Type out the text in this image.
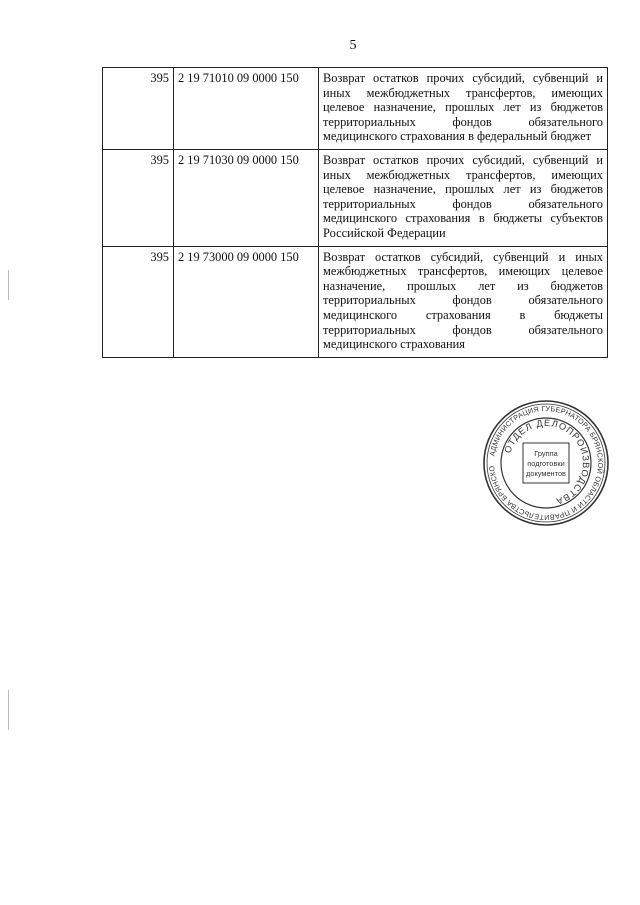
5
395	2 19 71010 09 0000 150	Возврат остатков прочих субсидий, субвенций и иных межбюджетных трансфертов, имеющих целевое назначение, прошлых лет из бюджетов территориальных фондов обязательного медицинского страхования в федеральный бюджет
395	2 19 71030 09 0000 150	Возврат остатков прочих субсидий, субвенций и иных межбюджетных трансфертов, имеющих целевое назначение, прошлых лет из бюджетов территориальных фондов обязательного медицинского страхования в бюджеты субъектов Российской Федерации
395	2 19 73000 09 0000 150	Возврат остатков субсидий, субвенций и иных межбюджетных трансфертов, имеющих целевое назначение, прошлых лет из бюджетов территориальных фондов обязательного медицинского страхования в бюджеты территориальных фондов обязательного медицинского страхования
АДМИНИСТРАЦИЯ ГУБЕРНАТОРА БРЯНСКОЙ ОБЛАСТИ И ПРАВИТЕЛЬСТВА БРЯНСКО
ОТДЕЛ ДЕЛОПРОИЗВОДСТВА
Группа
подготовки
документов
